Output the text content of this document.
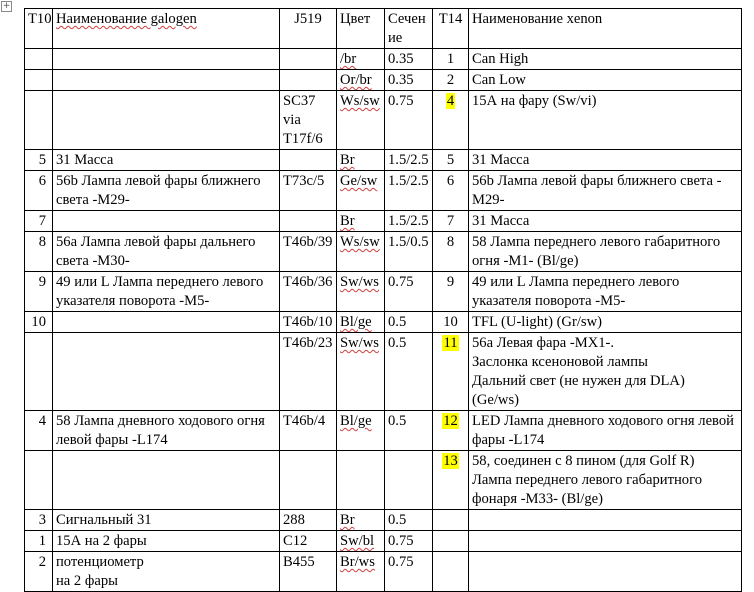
+
T10	Наименование galogen	J519	Цвет	Сечение	T14	Наименование xenon
			/br	0.35	1	Can High
			Or/br	0.35	2	Can Low
		SC37
via
T17f/6	Ws/sw	0.75	4	15А на фару (Sw/vi)
5	31 Масса		Br	1.5/2.5	5	31 Масса
6	56b Лампа левой фары ближнего света -M29-	T73c/5	Ge/sw	1.5/2.5	6	56b Лампа левой фары ближнего света -M29-
7			Br	1.5/2.5	7	31 Масса
8	56a Лампа левой фары дальнего света -M30-	T46b/39	Ws/sw	1.5/0.5	8	58 Лампа переднего левого габаритного огня -M1- (Bl/ge)
9	49 или L Лампа переднего левого указателя поворота -M5-	T46b/36	Sw/ws	0.75	9	49 или L Лампа переднего левого указателя поворота -M5-
10		T46b/10	Bl/ge	0.5	10	TFL (U-light) (Gr/sw)
		T46b/23	Sw/ws	0.5	11	56a Левая фара -MX1-.
Заслонка ксеноновой лампы
Дальний свет (не нужен для DLA)
(Ge/ws)
4	58 Лампа дневного ходового огня левой фары -L174	T46b/4	Bl/ge	0.5	12	LED Лампа дневного ходового огня левой фары -L174
					13	58, соединен с 8 пином (для Golf R)
Лампа переднего левого габаритного фонаря -M33- (Bl/ge)
3	Сигнальный 31	288	Br	0.5		
1	15А на 2 фары	C12	Sw/bl	0.75		
2	потенциометр
на 2 фары	B455	Br/ws	0.75		
